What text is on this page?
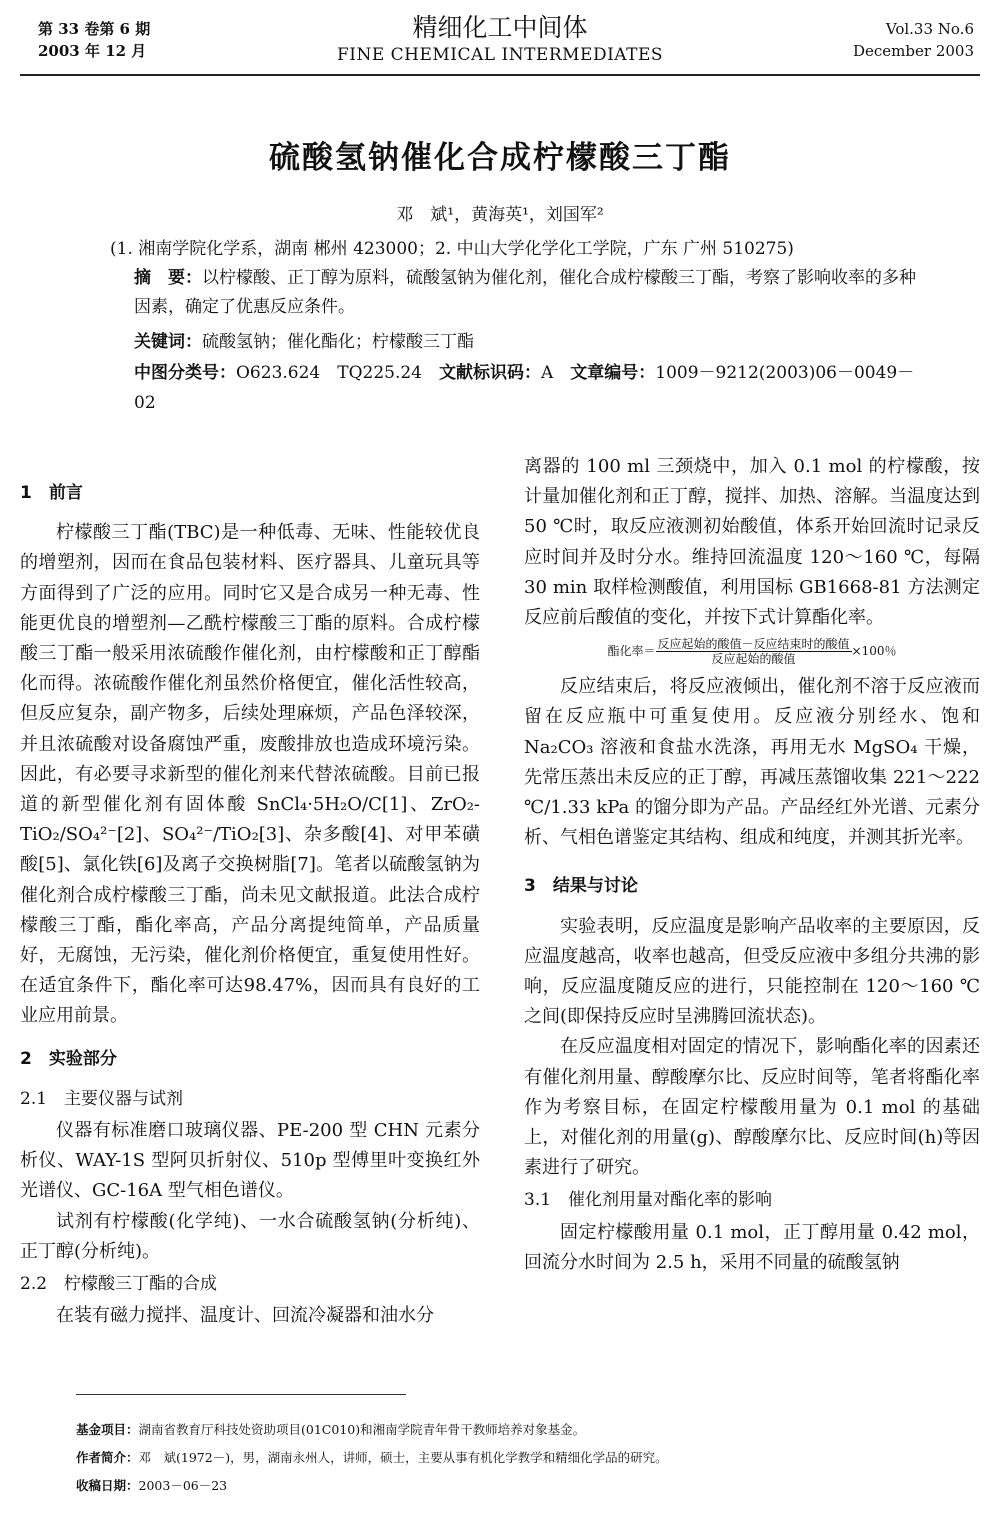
第 33 卷第 6 期
2003 年 12 月
精细化工中间体
FINE CHEMICAL INTERMEDIATES
Vol.33 No.6
December 2003
硫酸氢钠催化合成柠檬酸三丁酯
邓　斌¹，黄海英¹，刘国军²
(1. 湘南学院化学系，湖南 郴州 423000；2. 中山大学化学化工学院，广东 广州 510275)
摘　要：以柠檬酸、正丁醇为原料，硫酸氢钠为催化剂，催化合成柠檬酸三丁酯，考察了影响收率的多种因素，确定了优惠反应条件。
关键词：硫酸氢钠；催化酯化；柠檬酸三丁酯
中图分类号：O623.624　TQ225.24　 文献标识码：A　 文章编号：1009－9212(2003)06－0049－02

1　前言

柠檬酸三丁酯(TBC)是一种低毒、无味、性能较优良的增塑剂，因而在食品包装材料、医疗器具、儿童玩具等方面得到了广泛的应用。同时它又是合成另一种无毒、性能更优良的增塑剂—乙酰柠檬酸三丁酯的原料。合成柠檬酸三丁酯一般采用浓硫酸作催化剂，由柠檬酸和正丁醇酯化而得。浓硫酸作催化剂虽然价格便宜，催化活性较高，但反应复杂，副产物多，后续处理麻烦，产品色泽较深，并且浓硫酸对设备腐蚀严重，废酸排放也造成环境污染。因此，有必要寻求新型的催化剂来代替浓硫酸。目前已报道的新型催化剂有固体酸 SnCl₄·5H₂O/C[1]、ZrO₂-TiO₂/SO₄²⁻[2]、SO₄²⁻/TiO₂[3]、杂多酸[4]、对甲苯磺酸[5]、氯化铁[6]及离子交换树脂[7]。笔者以硫酸氢钠为催化剂合成柠檬酸三丁酯，尚未见文献报道。此法合成柠檬酸三丁酯，酯化率高，产品分离提纯简单，产品质量好，无腐蚀，无污染，催化剂价格便宜，重复使用性好。在适宜条件下，酯化率可达98.47%，因而具有良好的工业应用前景。

2　实验部分

2.1　主要仪器与试剂

仪器有标准磨口玻璃仪器、PE-200 型 CHN 元素分析仪、WAY-1S 型阿贝折射仪、510p 型傅里叶变换红外光谱仪、GC-16A 型气相色谱仪。

试剂有柠檬酸(化学纯)、一水合硫酸氢钠(分析纯)、正丁醇(分析纯)。

2.2　柠檬酸三丁酯的合成

在装有磁力搅拌、温度计、回流冷凝器和油水分

离器的 100 ml 三颈烧中，加入 0.1 mol 的柠檬酸，按计量加催化剂和正丁醇，搅拌、加热、溶解。当温度达到 50 ℃时，取反应液测初始酸值，体系开始回流时记录反应时间并及时分水。维持回流温度 120～160 ℃，每隔 30 min 取样检测酸值，利用国标 GB1668-81 方法测定反应前后酸值的变化，并按下式计算酯化率。

酯化率＝ $\frac{\text{反应起始的酸值－反应结束时的酸值}}{\text{反应起始的酸值}} \times 100$％

反应结束后，将反应液倾出，催化剂不溶于反应液而留在反应瓶中可重复使用。反应液分别经水、饱和 Na₂CO₃ 溶液和食盐水洗涤，再用无水 MgSO₄ 干燥，先常压蒸出未反应的正丁醇，再减压蒸馏收集 221～222 ℃/1.33 kPa 的馏分即为产品。产品经红外光谱、元素分析、气相色谱鉴定其结构、组成和纯度，并测其折光率。

3　结果与讨论

实验表明，反应温度是影响产品收率的主要原因，反应温度越高，收率也越高，但受反应液中多组分共沸的影响，反应温度随反应的进行，只能控制在 120～160 ℃之间(即保持反应时呈沸腾回流状态)。

在反应温度相对固定的情况下，影响酯化率的因素还有催化剂用量、醇酸摩尔比、反应时间等，笔者将酯化率作为考察目标，在固定柠檬酸用量为 0.1 mol 的基础上，对催化剂的用量(g)、醇酸摩尔比、反应时间(h)等因素进行了研究。

3.1　催化剂用量对酯化率的影响

固定柠檬酸用量 0.1 mol，正丁醇用量 0.42 mol，回流分水时间为 2.5 h，采用不同量的硫酸氢钠

基金项目：湖南省教育厅科技处资助项目(01C010)和湘南学院青年骨干教师培养对象基金。
作者简介：邓　斌(1972－)，男，湖南永州人，讲师，硕士，主要从事有机化学教学和精细化学品的研究。
收稿日期：2003－06－23
